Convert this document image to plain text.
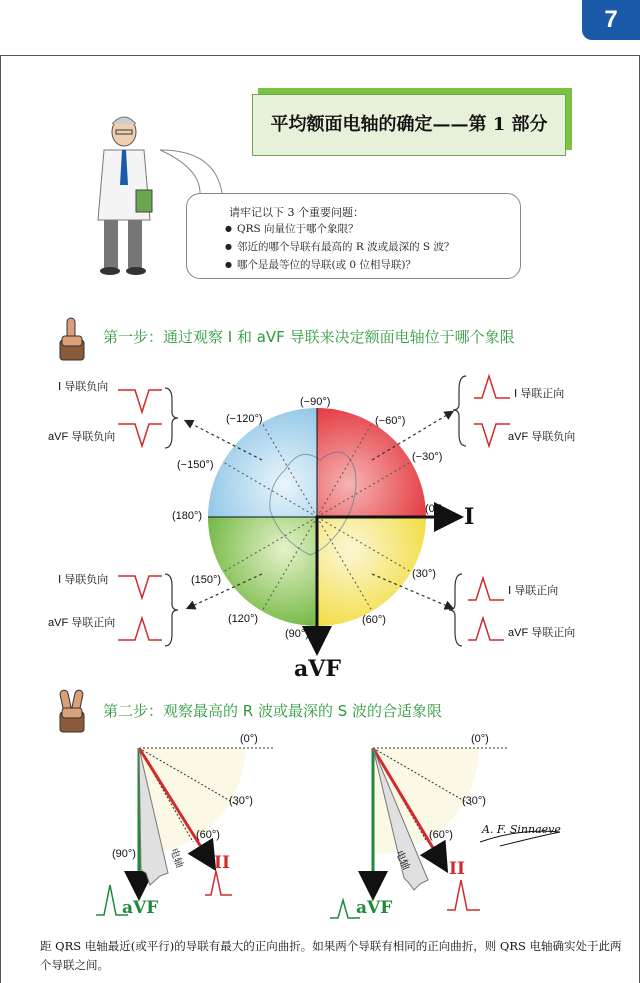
7
平均额面电轴的确定——第 1 部分
请牢记以下 3 个重要问题：
● QRS 向量位于哪个象限？
● 邻近的哪个导联有最高的 R 波或最深的 S 波？
● 哪个是最等位的导联(或 0 位相导联)？
第一步：通过观察 Ⅰ 和 aVF 导联来决定额面电轴位于哪个象限
第二步：观察最高的 R 波或最深的 S 波的合适象限
Ⅰ 导联负向
aVF 导联负向
Ⅰ 导联正向
aVF 导联负向
Ⅰ 导联负向
aVF 导联正向
Ⅰ 导联正向
aVF 导联正向
(−90°)
(−120°)	(−60°)
(−150°)
(−30°)
(180°)
(0°)
(150°)	(30°)
(120°)	(60°)
(90°)
I
aVF
(0°)
(30°)
(60°)
(90°)	II
aVF
电轴
(0°)
(30°)
(60°)
II
aVF
电轴
A. F. Sinnaeve
距 QRS 电轴最近(或平行)的导联有最大的正向曲折。如果两个导联有相同的正向曲折，则 QRS 电轴确实处于此两个导联之间。
